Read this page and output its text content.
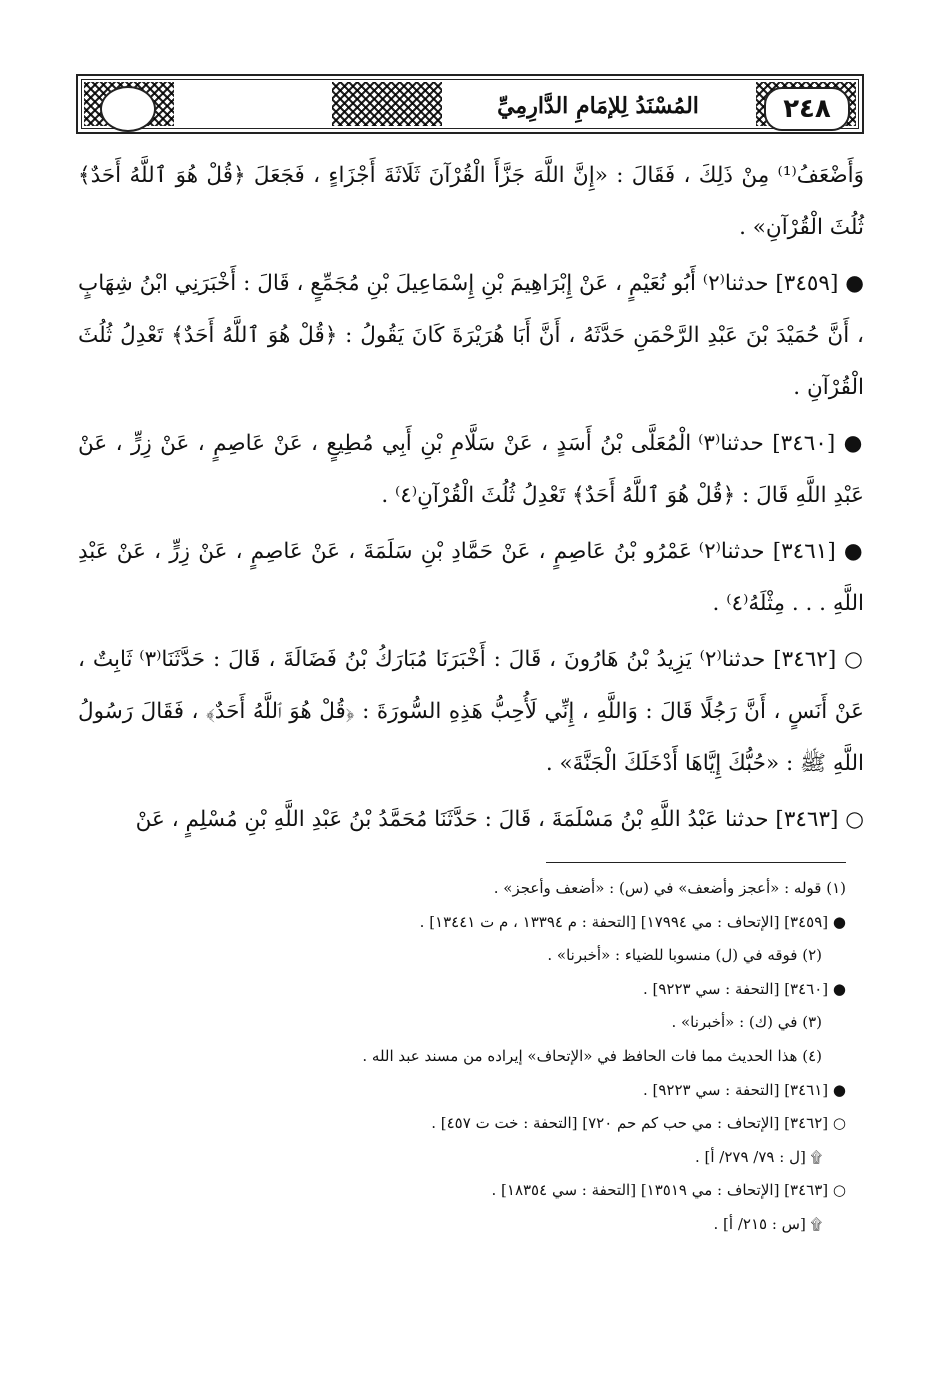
المُسْنَدُ لِلإمَامِ الدَّارِمِيِّ	٢٤٨

وَأَضْعَفُ⁽¹⁾ مِنْ ذَلِكَ ، فَقَالَ : «إِنَّ اللَّهَ جَزَّأَ الْقُرْآنَ ثَلَاثَةَ أَجْزَاءٍ ، فَجَعَلَ ﴿قُلْ هُوَ ٱللَّهُ أَحَدٌ﴾ ثُلُثَ الْقُرْآنِ» .

● [٣٤٥٩] حدثنا⁽٢⁾ أَبُو نُعَيْمٍ ، عَنْ إِبْرَاهِيمَ بْنِ إِسْمَاعِيلَ بْنِ مُجَمِّعٍ ، قَالَ : أَخْبَرَنِي ابْنُ شِهَابٍ ، أَنَّ حُمَيْدَ بْنَ عَبْدِ الرَّحْمَنِ حَدَّثَهُ ، أَنَّ أَبَا هُرَيْرَةَ كَانَ يَقُولُ : ﴿قُلْ هُوَ ٱللَّهُ أَحَدٌ﴾ تَعْدِلُ ثُلُثَ الْقُرْآنِ .

● [٣٤٦٠] حدثنا⁽٣⁾ الْمُعَلَّى بْنُ أَسَدٍ ، عَنْ سَلَّامِ بْنِ أَبِي مُطِيعٍ ، عَنْ عَاصِمٍ ، عَنْ زِرٍّ ، عَنْ عَبْدِ اللَّهِ قَالَ : ﴿قُلْ هُوَ ٱللَّهُ أَحَدٌ﴾ تَعْدِلُ ثُلُثَ الْقُرْآنِ⁽٤⁾ .

● [٣٤٦١] حدثنا⁽٢⁾ عَمْرُو بْنُ عَاصِمٍ ، عَنْ حَمَّادِ بْنِ سَلَمَةَ ، عَنْ عَاصِمٍ ، عَنْ زِرٍّ ، عَنْ عَبْدِ اللَّهِ . . . مِثْلَهُ⁽٤⁾ .

○ [٣٤٦٢] حدثنا⁽٢⁾ يَزِيدُ بْنُ هَارُونَ ، قَالَ : أَخْبَرَنَا مُبَارَكُ بْنُ فَضَالَةَ ، قَالَ : حَدَّثَنَا⁽٣⁾ ثَابِتٌ ، عَنْ أَنَسٍ ، أَنَّ رَجُلًا قَالَ : وَاللَّهِ ، إِنِّي لَأُحِبُّ هَذِهِ السُّورَةَ : ﴿قُلْ هُوَ ٱللَّهُ أَحَدٌ﴾ ، فَقَالَ رَسُولُ اللَّهِ ﷺ : «حُبُّكَ إِيَّاهَا أَدْخَلَكَ الْجَنَّةَ» .

○ [٣٤٦٣] حدثنا عَبْدُ اللَّهِ بْنُ مَسْلَمَةَ ، قَالَ : حَدَّثَنَا مُحَمَّدُ بْنُ عَبْدِ اللَّهِ بْنِ مُسْلِمٍ ، عَنْ

(١) قوله : «أعجز وأضعف» في (س) : «أضعف وأعجز» .
● [٣٤٥٩] [الإتحاف : مي ١٧٩٩٤] [التحفة : م ١٣٣٩٤ ، م ت ١٣٤٤١] .
(٢) فوقه في (ل) منسوبا للضياء : «أخبرنا» .
● [٣٤٦٠] [التحفة : سي ٩٢٢٣] .
(٣) في (ك) : «أخبرنا» .
(٤) هذا الحديث مما فات الحافظ في «الإتحاف» إيراده من مسند عبد الله .
● [٣٤٦١] [التحفة : سي ٩٢٢٣] .
○ [٣٤٦٢] [الإتحاف : مي حب كم حم ٧٢٠] [التحفة : خت ت ٤٥٧] .
۩ [ل : ٧٩/ ٢٧٩/ أ] .
○ [٣٤٦٣] [الإتحاف : مي ١٣٥١٩] [التحفة : سي ١٨٣٥٤] .
۩ [س : ٢١٥/ أ] .
